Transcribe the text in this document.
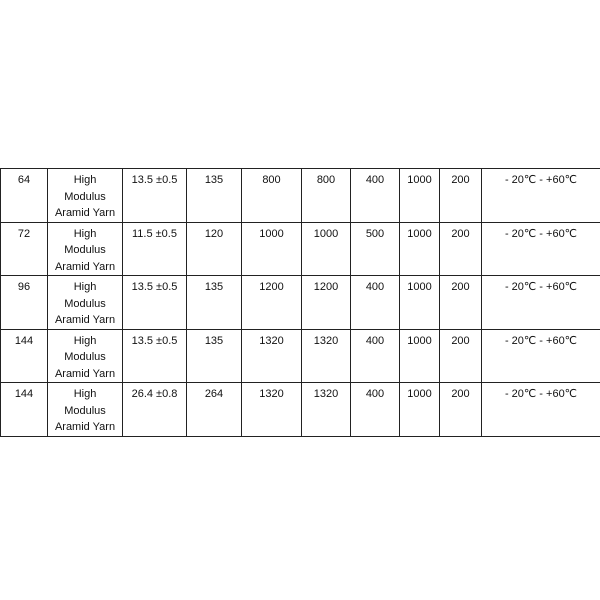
64	High
Modulus
Aramid Yarn	13.5 ±0.5	135	800	800	400	1000	200	- 20℃ - +60℃
72	High
Modulus
Aramid Yarn	11.5 ±0.5	120	1000	1000	500	1000	200	- 20℃ - +60℃
96	High
Modulus
Aramid Yarn	13.5 ±0.5	135	1200	1200	400	1000	200	- 20℃ - +60℃
144	High
Modulus
Aramid Yarn	13.5 ±0.5	135	1320	1320	400	1000	200	- 20℃ - +60℃
144	High
Modulus
Aramid Yarn	26.4 ±0.8	264	1320	1320	400	1000	200	- 20℃ - +60℃
